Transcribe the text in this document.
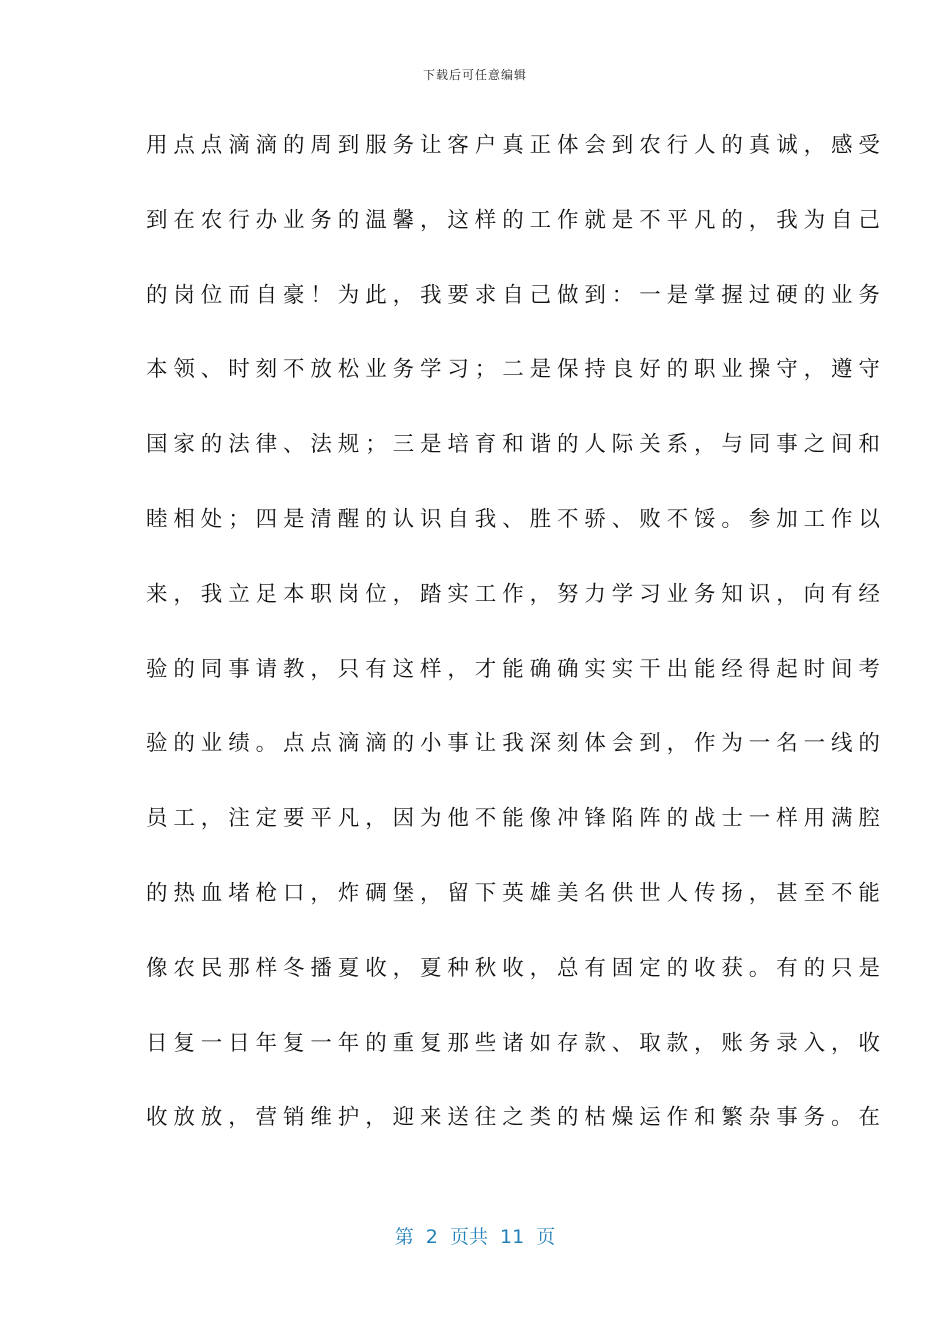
下载后可任意编辑
用点点滴滴的周到服务让客户真正体会到农行人的真诚，感受
到在农行办业务的温馨，这样的工作就是不平凡的，我为自己
的岗位而自豪！为此，我要求自己做到：一是掌握过硬的业务
本领、时刻不放松业务学习；二是保持良好的职业操守，遵守
国家的法律、法规；三是培育和谐的人际关系，与同事之间和
睦相处；四是清醒的认识自我、胜不骄、败不馁。参加工作以
来，我立足本职岗位，踏实工作，努力学习业务知识，向有经
验的同事请教，只有这样，才能确确实实干出能经得起时间考
验的业绩。点点滴滴的小事让我深刻体会到，作为一名一线的
员工，注定要平凡，因为他不能像冲锋陷阵的战士一样用满腔
的热血堵枪口，炸碉堡，留下英雄美名供世人传扬，甚至不能
像农民那样冬播夏收，夏种秋收，总有固定的收获。有的只是
日复一日年复一年的重复那些诸如存款、取款，账务录入，收
收放放，营销维护，迎来送往之类的枯燥运作和繁杂事务。在
第  2  页共  11  页
